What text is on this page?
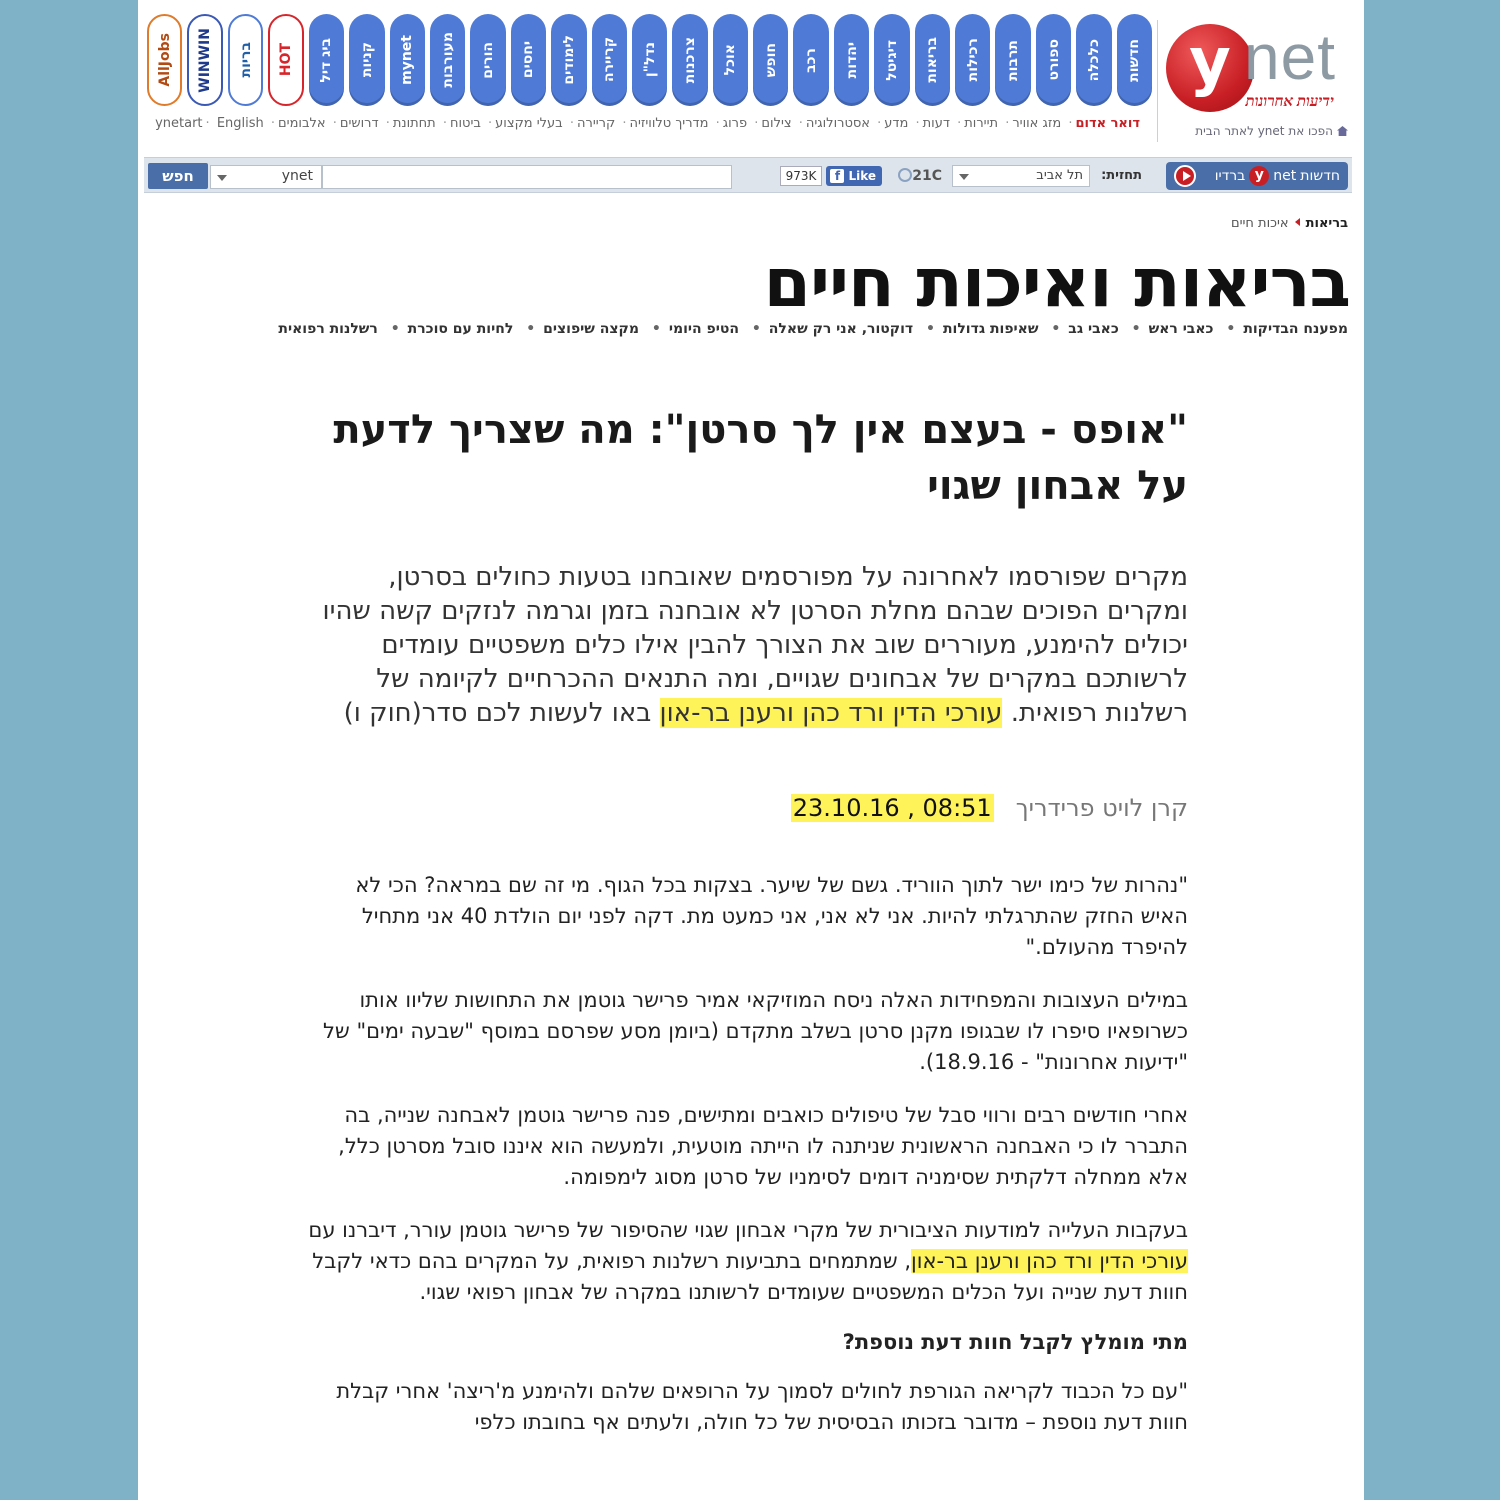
חדשות
כלכלה
ספורט
תרבות
רכילות
בריאות
דיגיטל
יהדות
רכב
חופש
אוכל
צרכנות
נדל"ן
קריירה
לימודים
יחסים
הורים
מעורבות
mynet
קניות
ביג דיל
HOT
בריות
WINWIN
AllJobs	y net
ידיעות אחרונות
דואר אדום· מזג אוויר· תיירות· דעות· מדע· אסטרולוגיה· צילום· פרוג· מדריך טלוויזיה· קריירה· בעלי מקצוע· ביטוח· תחתונת· דרושים· אלבומים· ynetart · English	הפכו את ynet לאתר הבית
חדשות
net
y
ברדיו
תחזית:
תל אביב
21C
973K	f Like
ynet
חפש
בריאותאיכות חיים
בריאות ואיכות חיים
מפענח הבדיקות• כאבי ראש• כאבי גב• שאיפות גדולות• דוקטור, אני רק שאלה• הטיפ היומי• מקצה שיפוצים• לחיות עם סוכרת• רשלנות רפואית
"אופס - בעצם אין לך סרטן": מה שצריך לדעת
על אבחון שגוי
מקרים שפורסמו לאחרונה על מפורסמים שאובחנו בטעות כחולים בסרטן, ומקרים הפוכים שבהם מחלת הסרטן לא אובחנה בזמן וגרמה לנזקים קשה שהיו יכולים להימנע, מעוררים שוב את הצורך להבין אילו כלים משפטיים עומדים לרשותכם במקרים של אבחונים שגויים, ומה התנאים ההכרחיים לקיומה של רשלנות רפואית. עורכי הדין ורד כהן ורענן בר-און באו לעשות לכם סדר(חוק ו)
קרן לויט פרידריך23.10.16 , 08:51

"נהרות של כימו ישר לתוך הווריד. גשם של שיער. בצקות בכל הגוף. מי זה שם במראה? הכי לא האיש החזק שהתרגלתי להיות. אני לא אני, אני כמעט מת. דקה לפני יום הולדת 40 אני מתחיל להיפרד מהעולם."

במילים העצובות והמפחידות האלה ניסח המוזיקאי אמיר פרישר גוטמן את התחושות שליוו אותו כשרופאיו סיפרו לו שבגופו מקנן סרטן בשלב מתקדם (ביומן מסע שפרסם במוסף "שבעה ימים" של "ידיעות אחרונות" - 18.9.16).

אחרי חודשים רבים ורווי סבל של טיפולים כואבים ומתישים, פנה פרישר גוטמן לאבחנה שנייה, בה התברר לו כי האבחנה הראשונית שניתנה לו הייתה מוטעית, ולמעשה הוא איננו סובל מסרטן כלל, אלא ממחלה דלקתית שסימניה דומים לסימניו של סרטן מסוג לימפומה.

בעקבות העלייה למודעות הציבורית של מקרי אבחון שגוי שהסיפור של פרישר גוטמן עורר, דיברנו עם עורכי הדין ורד כהן ורענן בר-און, שמתמחים בתביעות רשלנות רפואית, על המקרים בהם כדאי לקבל חוות דעת שנייה ועל הכלים המשפטיים שעומדים לרשותנו במקרה של אבחון רפואי שגוי.

מתי מומלץ לקבל חוות דעת נוספת?

"עם כל הכבוד לקריאה הגורפת לחולים לסמוך על הרופאים שלהם ולהימנע מ'ריצה' אחרי קבלת חוות דעת נוספת – מדובר בזכותו הבסיסית של כל חולה, ולעתים אף בחובתו כלפי
